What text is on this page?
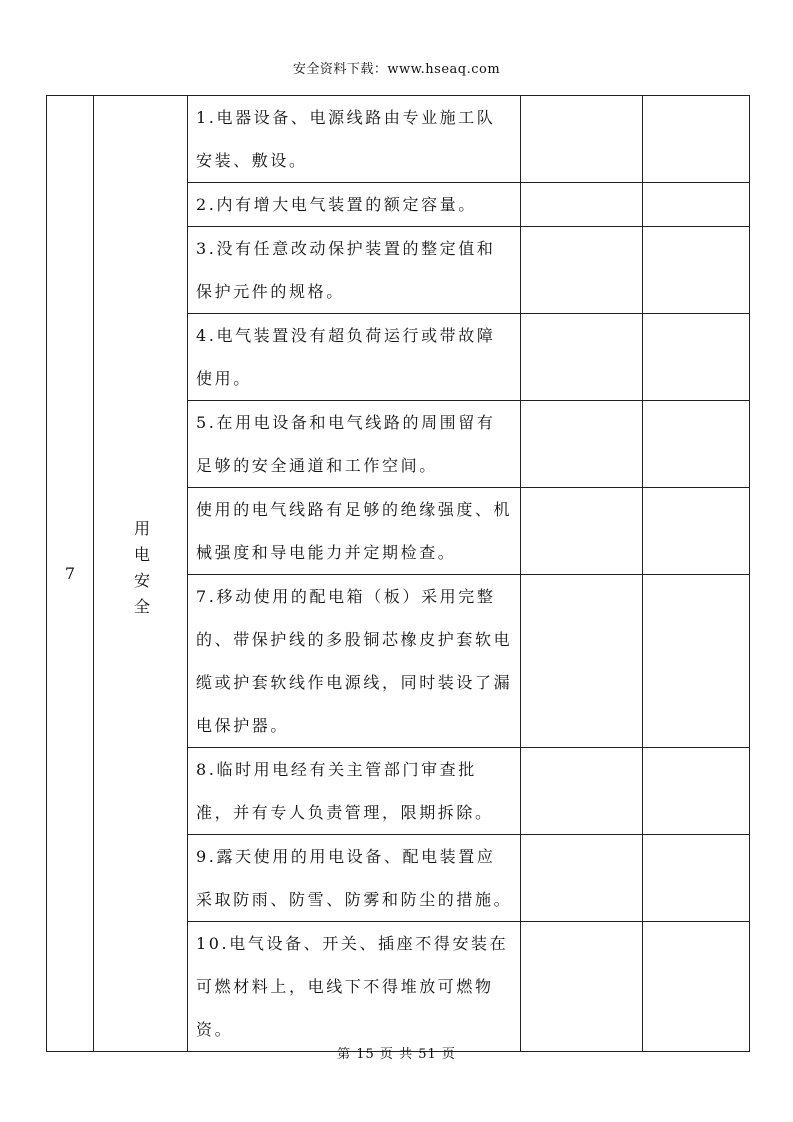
安全资料下载：www.hseaq.com
7	用电安全	1.电器设备、电源线路由专业施工队安装、敷设。		
		2.内有增大电气装置的额定容量。		
		3.没有任意改动保护装置的整定值和保护元件的规格。		
		4.电气装置没有超负荷运行或带故障使用。		
		5.在用电设备和电气线路的周围留有足够的安全通道和工作空间。		
		使用的电气线路有足够的绝缘强度、机械强度和导电能力并定期检查。		
		7.移动使用的配电箱（板）采用完整的、带保护线的多股铜芯橡皮护套软电缆或护套软线作电源线，同时装设了漏电保护器。		
		8.临时用电经有关主管部门审查批准，并有专人负责管理，限期拆除。		
		9.露天使用的用电设备、配电装置应采取防雨、防雪、防雾和防尘的措施。		
		10.电气设备、开关、插座不得安装在可燃材料上，电线下不得堆放可燃物资。		
第 15 页 共 51 页
